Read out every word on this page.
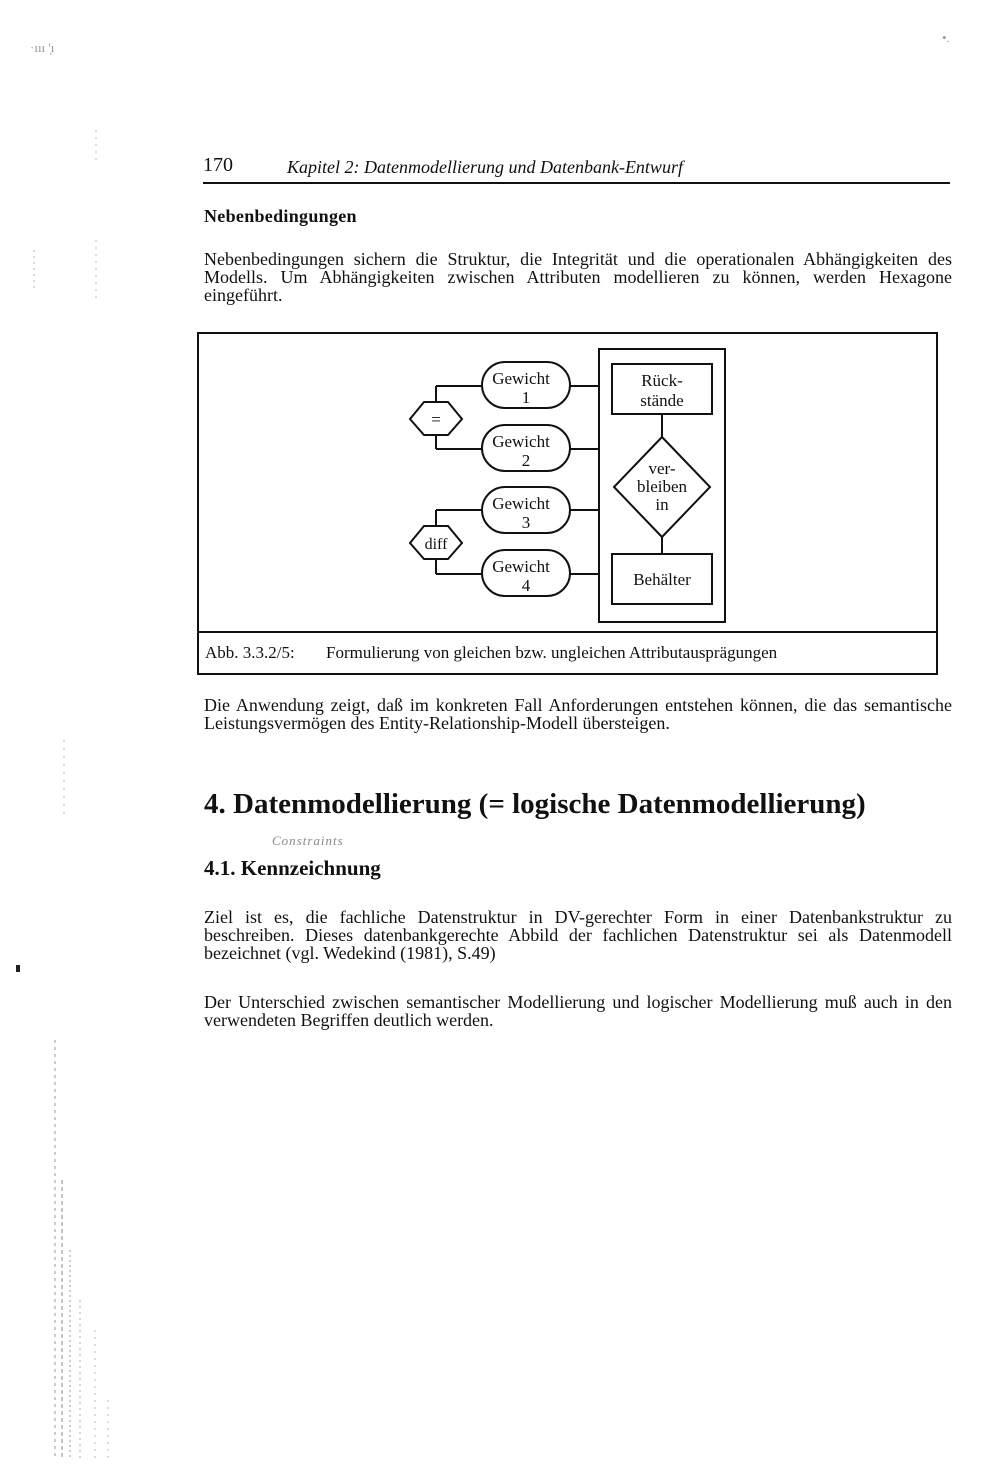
·ııı '̦ı
•.
170	Kapitel 2: Datenmodellierung und Datenbank-Entwurf
Nebenbedingungen
Nebenbedingungen sichern die Struktur, die Integrität und die operationalen Abhängigkeiten des Modells. Um Abhängigkeiten zwischen Attributen modellieren zu können, werden Hexagone eingeführt.
=
diff
Gewicht
1
Gewicht
2
Gewicht
3
Gewicht
4
Rück-
stände
ver-
bleiben
in
Behälter
Abb. 3.3.2/5: Formulierung von gleichen bzw. ungleichen Attributausprägungen
Die Anwendung zeigt, daß im konkreten Fall Anforderungen entstehen können, die das semantische Leistungsvermögen des Entity-Relationship-Modell übersteigen.
4. Datenmodellierung (= logische Datenmodellierung)
Constraints
4.1. Kennzeichnung
Ziel ist es, die fachliche Datenstruktur in DV-gerechter Form in einer Datenbankstruktur zu beschreiben. Dieses datenbankgerechte Abbild der fachlichen Datenstruktur sei als Datenmodell bezeichnet (vgl. Wedekind (1981), S.49)
Der Unterschied zwischen semantischer Modellierung und logischer Modellierung muß auch in den verwendeten Begriffen deutlich werden.
